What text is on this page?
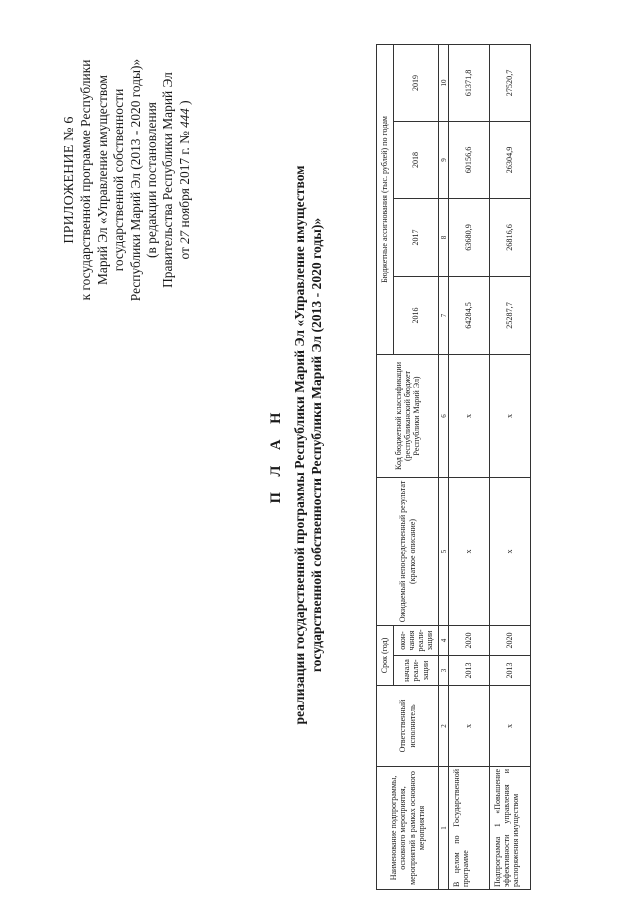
ПРИЛОЖЕНИЕ № 6 к государственной программе Республики Марий Эл «Управление имуществом государственной собственности Республики Марий Эл (2013 - 2020 годы)» (в редакции постановления Правительства Республики Марий Эл от 27 ноября 2017 г. № 444 )
П Л А Н реализации государственной программы Республики Марий Эл «Управление имуществом государственной собственности Республики Марий Эл (2013 - 2020 годы)»
Наименование подпрограммы, основного мероприятия, мероприятий в рамках основного мероприятия	Ответственный исполнитель	Срок (год)		Ожидаемый непосредственный результат (краткое описание)	Код бюджетной классификации (республиканский бюджет Республики Марий Эл)	Бюджетные ассигнования (тыс. рублей) по годам			
		начала реали-зации	окон-чания реали-зации			2016	2017	2018	2019
1	2	3	4	5	6	7	8	9	10
В целом по Государственной программе	x	2013	2020	x	x	64284,5	63680,9	60156,6	61371,8
Подпрограмма 1 «Повышение эффективности управления и распоряжения имуществом	x	2013	2020	x	x	25287,7	26816,6	26304,9	27520,7
